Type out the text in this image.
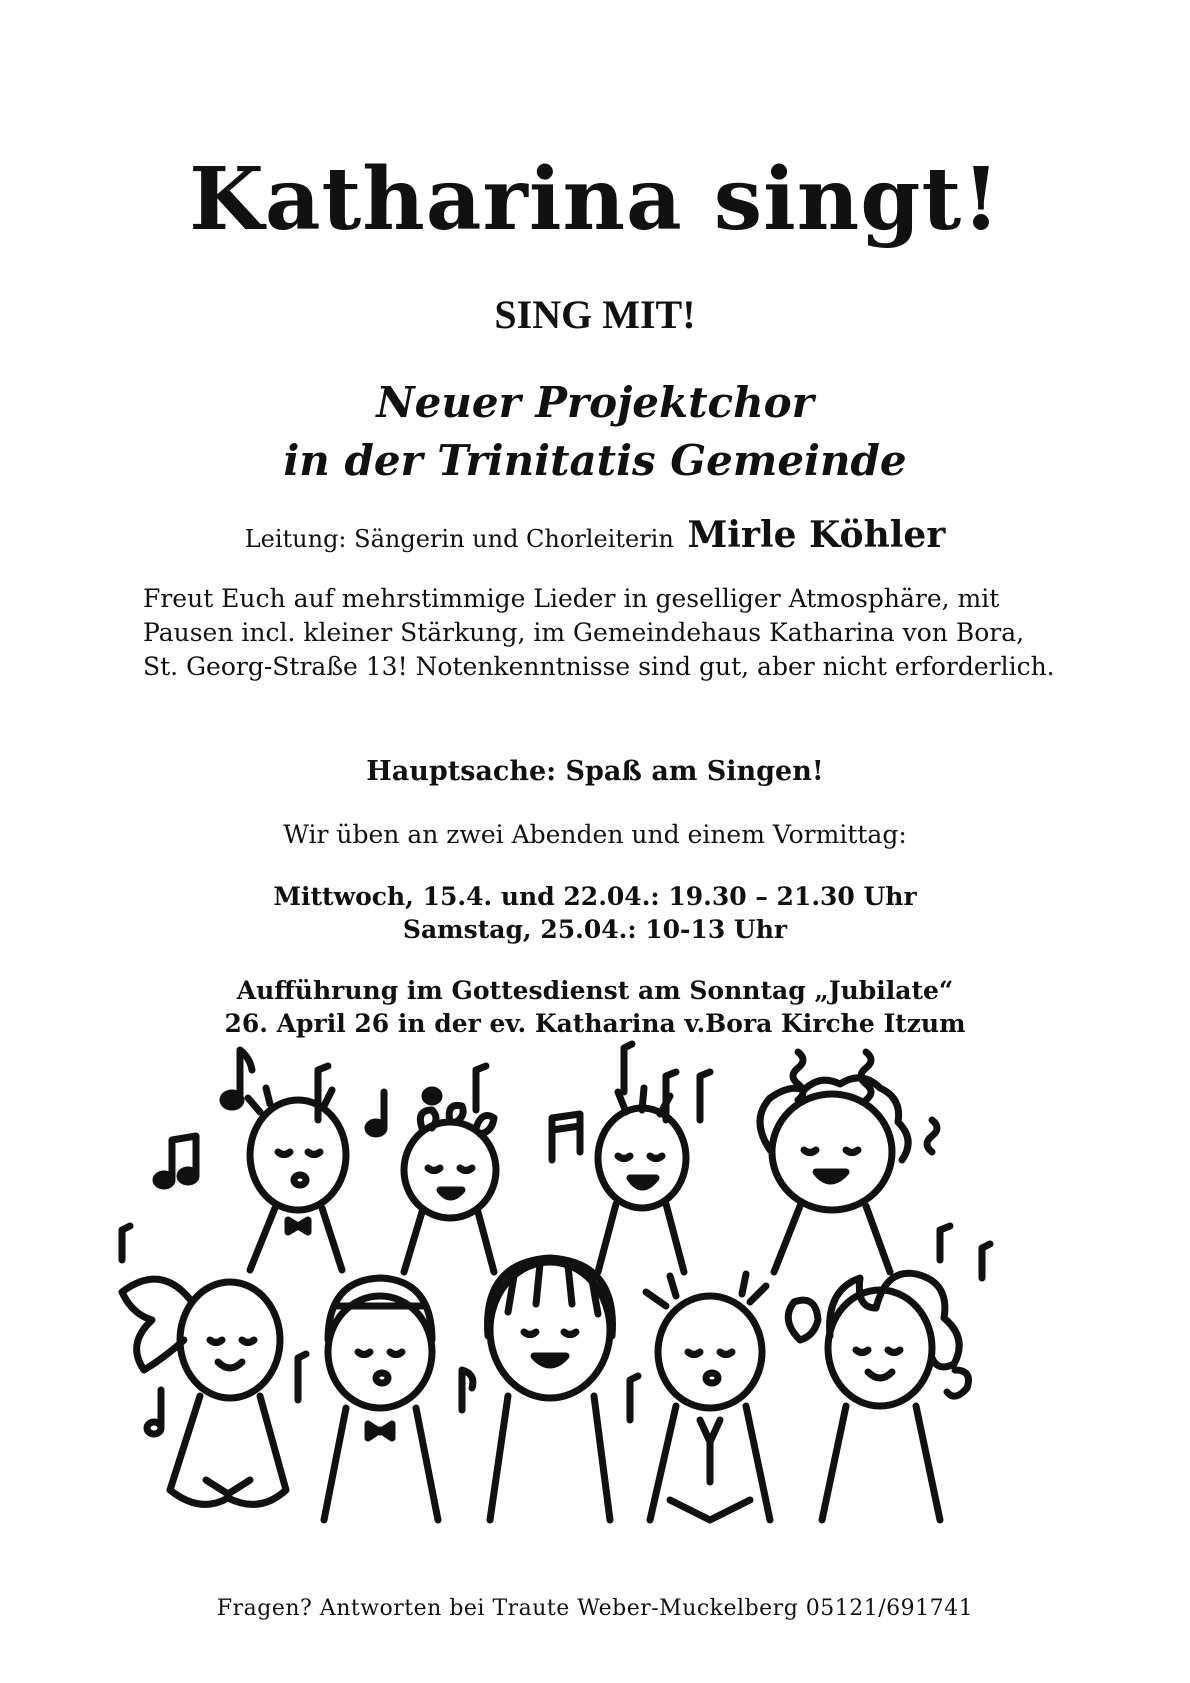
Katharina singt!
SING MIT!
Neuer Projektchor
in der Trinitatis Gemeinde
Leitung: Sängerin und Chorleiterin Mirle Köhler
Freut Euch auf mehrstimmige Lieder in geselliger Atmosphäre, mit Pausen incl. kleiner Stärkung, im Gemeindehaus Katharina von Bora, St. Georg-Straße 13! Notenkenntnisse sind gut, aber nicht erforderlich.
Hauptsache: Spaß am Singen!
Wir üben an zwei Abenden und einem Vormittag:
Mittwoch, 15.4. und 22.04.: 19.30 – 21.30 Uhr
Samstag, 25.04.: 10-13 Uhr
Aufführung im Gottesdienst am Sonntag „Jubilate“
26. April 26 in der ev. Katharina v.Bora Kirche Itzum
Fragen? Antworten bei Traute Weber-Muckelberg 05121/691741
